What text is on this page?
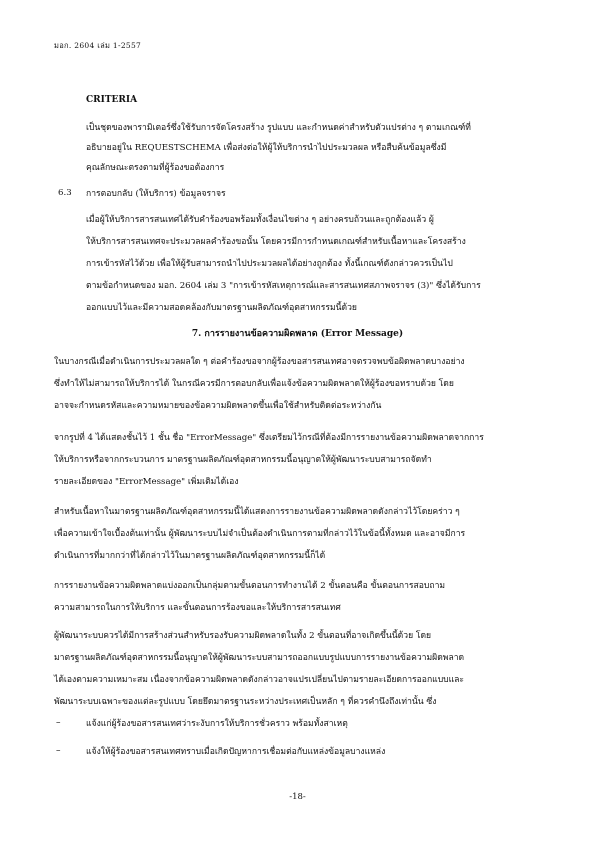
มอก. 2604 เล่ม 1-2557
CRITERIA
เป็นชุดของพารามิเตอร์ซึ่งใช้รับการจัดโครงสร้าง รูปแบบ และกำหนดค่าสำหรับตัวแปรต่าง ๆ ตามเกณฑ์ที่
อธิบายอยู่ใน REQUESTSCHEMA เพื่อส่งต่อให้ผู้ให้บริการนำไปประมวลผล หรือสืบค้นข้อมูลซึ่งมี
คุณลักษณะตรงตามที่ผู้ร้องขอต้องการ
6.3 การตอบกลับ (ให้บริการ) ข้อมูลจราจร
เมื่อผู้ให้บริการสารสนเทศได้รับคำร้องขอพร้อมทั้งเงื่อนไขต่าง ๆ อย่างครบถ้วนและถูกต้องแล้ว ผู้
ให้บริการสารสนเทศจะประมวลผลคำร้องขอนั้น โดยควรมีการกำหนดเกณฑ์สำหรับเนื้อหาและโครงสร้าง
การเข้ารหัสไว้ด้วย เพื่อให้ผู้รับสามารถนำไปประมวลผลได้อย่างถูกต้อง ทั้งนี้เกณฑ์ดังกล่าวควรเป็นไป
ตามข้อกำหนดของ มอก. 2604 เล่ม 3 "การเข้ารหัสเหตุการณ์และสารสนเทศสภาพจราจร (3)" ซึ่งได้รับการ
ออกแบบไว้และมีความสอดคล้องกับมาตรฐานผลิตภัณฑ์อุตสาหกรรมนี้ด้วย
7. การรายงานข้อความผิดพลาด (Error Message)
ในบางกรณีเมื่อดำเนินการประมวลผลใด ๆ ต่อคำร้องขอจากผู้ร้องขอสารสนเทศอาจตรวจพบข้อผิดพลาดบางอย่าง
ซึ่งทำให้ไม่สามารถให้บริการได้ ในกรณีควรมีการตอบกลับเพื่อแจ้งข้อความผิดพลาดให้ผู้ร้องขอทราบด้วย โดย
อาจจะกำหนดรหัสและความหมายของข้อความผิดพลาดขึ้นเพื่อใช้สำหรับติดต่อระหว่างกัน
จากรูปที่ 4 ได้แสดงชั้นไว้ 1 ชั้น ชื่อ "ErrorMessage" ซึ่งเตรียมไว้กรณีที่ต้องมีการรายงานข้อความผิดพลาดจากการ
ให้บริการหรือจากกระบวนการ มาตรฐานผลิตภัณฑ์อุตสาหกรรมนี้อนุญาตให้ผู้พัฒนาระบบสามารถจัดทำ
รายละเอียดของ "ErrorMessage" เพิ่มเติมได้เอง
สำหรับเนื้อหาในมาตรฐานผลิตภัณฑ์อุตสาหกรรมนี้ได้แสดงการรายงานข้อความผิดพลาดดังกล่าวไว้โดยคร่าว ๆ
เพื่อความเข้าใจเบื้องต้นเท่านั้น ผู้พัฒนาระบบไม่จำเป็นต้องดำเนินการตามที่กล่าวไว้ในข้อนี้ทั้งหมด และอาจมีการ
ดำเนินการที่มากกว่าที่ได้กล่าวไว้ในมาตรฐานผลิตภัณฑ์อุตสาหกรรมนี้ก็ได้
การรายงานข้อความผิดพลาดแบ่งออกเป็นกลุ่มตามขั้นตอนการทำงานได้ 2 ขั้นตอนคือ ขั้นตอนการสอบถาม
ความสามารถในการให้บริการ และขั้นตอนการร้องขอและให้บริการสารสนเทศ
ผู้พัฒนาระบบควรได้มีการสร้างส่วนสำหรับรองรับความผิดพลาดในทั้ง 2 ขั้นตอนที่อาจเกิดขึ้นนี้ด้วย โดย
มาตรฐานผลิตภัณฑ์อุตสาหกรรมนี้อนุญาตให้ผู้พัฒนาระบบสามารถออกแบบรูปแบบการรายงานข้อความผิดพลาด
ได้เองตามความเหมาะสม เนื่องจากข้อความผิดพลาดดังกล่าวอาจแปรเปลี่ยนไปตามรายละเอียดการออกแบบและ
พัฒนาระบบเฉพาะของแต่ละรูปแบบ โดยยึดมาตรฐานระหว่างประเทศเป็นหลัก ๆ ที่ควรคำนึงถึงเท่านั้น ซึ่ง
–	แจ้งแก่ผู้ร้องขอสารสนเทศว่าระงับการให้บริการชั่วคราว พร้อมทั้งสาเหตุ
–	แจ้งให้ผู้ร้องขอสารสนเทศทราบเมื่อเกิดปัญหาการเชื่อมต่อกับแหล่งข้อมูลบางแหล่ง
-18-
